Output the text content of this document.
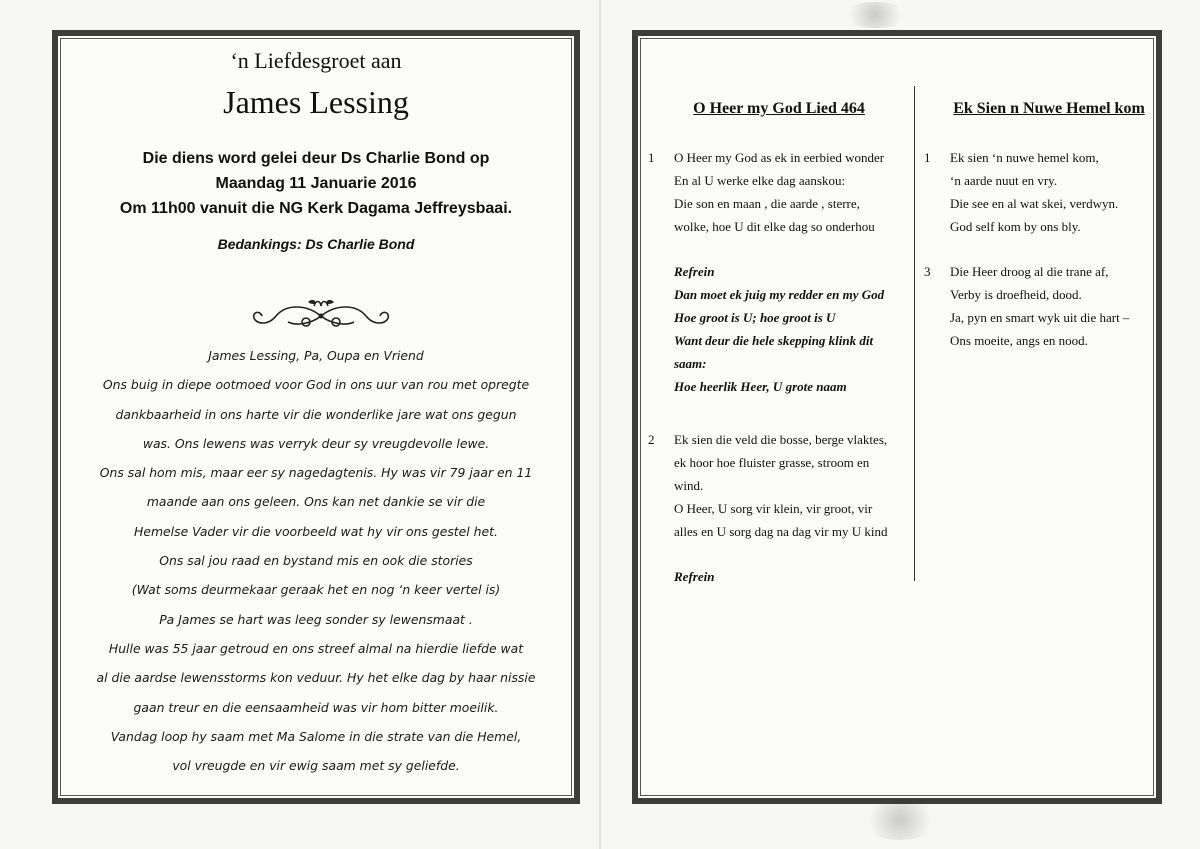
‘n Liefdesgroet aan
James Lessing
Die diens word gelei deur Ds Charlie Bond op
Maandag 11 Januarie 2016
Om 11h00 vanuit die NG Kerk Dagama Jeffreysbaai.
Bedankings: Ds Charlie Bond
James Lessing, Pa, Oupa en Vriend
Ons buig in diepe ootmoed voor God in ons uur van rou met opregte
dankbaarheid in ons harte vir die wonderlike jare wat ons gegun
was. Ons lewens was verryk deur sy vreugdevolle lewe.
Ons sal hom mis, maar eer sy nagedagtenis. Hy was vir 79 jaar en 11
maande aan ons geleen. Ons kan net dankie se vir die
Hemelse Vader vir die voorbeeld wat hy vir ons gestel het.
Ons sal jou raad en bystand mis en ook die stories
(Wat soms deurmekaar geraak het en nog ‘n keer vertel is)
Pa James se hart was leeg sonder sy lewensmaat .
Hulle was 55 jaar getroud en ons streef almal na hierdie liefde wat
al die aardse lewensstorms kon veduur. Hy het elke dag by haar nissie
gaan treur en die eensaamheid was vir hom bitter moeilik.
Vandag loop hy saam met Ma Salome in die strate van die Hemel,
vol vreugde en vir ewig saam met sy geliefde.
O Heer my God Lied 464
1 O Heer my God as ek in eerbied wonder
En al U werke elke dag aanskou:
Die son en maan , die aarde , sterre,
wolke, hoe U dit elke dag so onderhou
Refrein
Dan moet ek juig my redder en my God
Hoe groot is U; hoe groot is U
Want deur die hele skepping klink dit
saam:
Hoe heerlik Heer, U grote naam
2 Ek sien die veld die bosse, berge vlaktes,
ek hoor hoe fluister grasse, stroom en
wind.
O Heer, U sorg vir klein, vir groot, vir
alles en U sorg dag na dag vir my U kind
Refrein
Ek Sien n Nuwe Hemel kom
1 Ek sien ‘n nuwe hemel kom,
‘n aarde nuut en vry.
Die see en al wat skei, verdwyn.
God self kom by ons bly.
3 Die Heer droog al die trane af,
Verby is droefheid, dood.
Ja, pyn en smart wyk uit die hart –
Ons moeite, angs en nood.
